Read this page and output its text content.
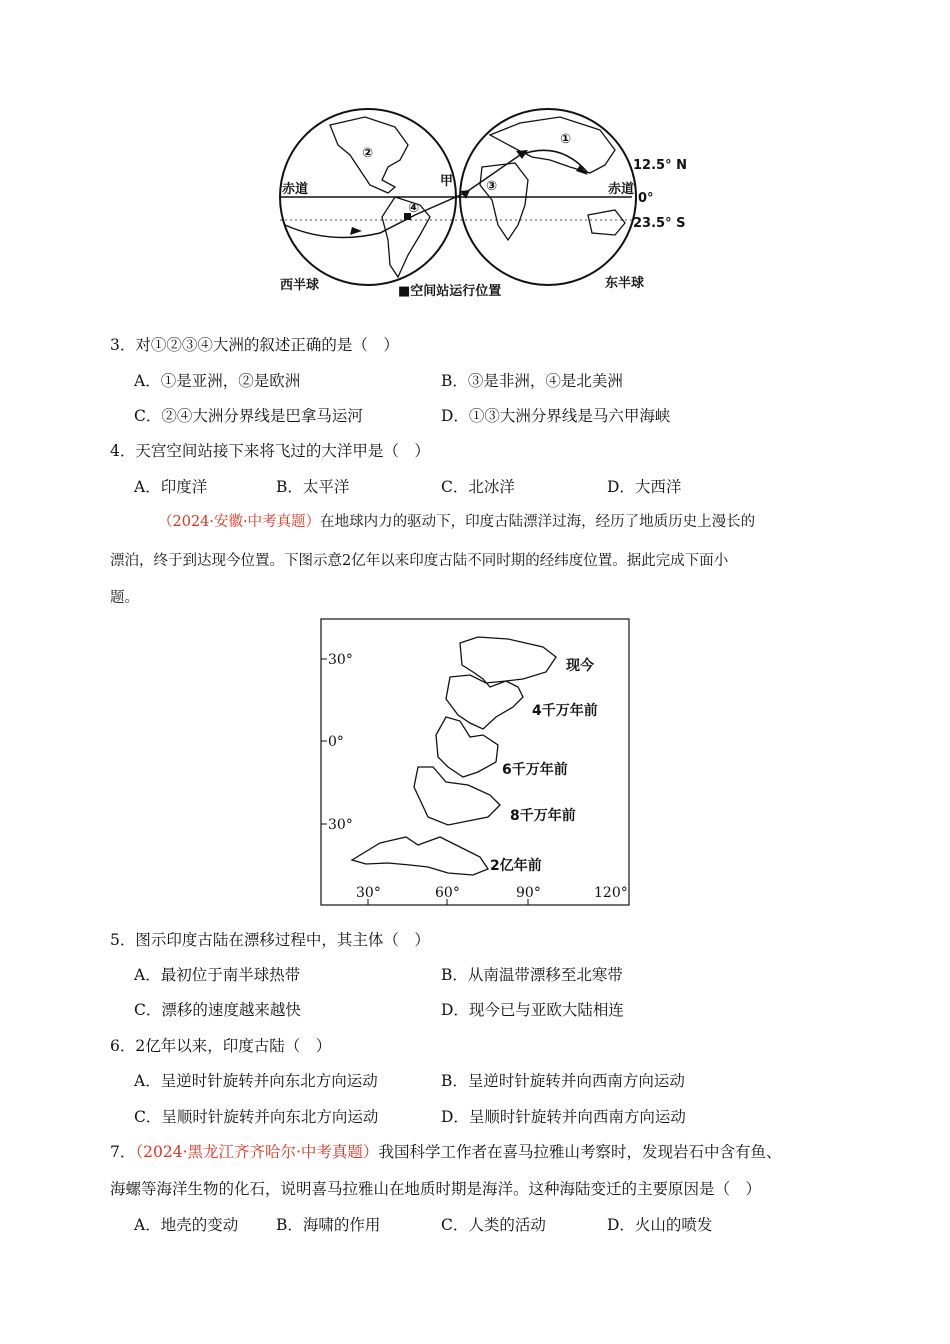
②
④
③
①
甲
赤道	赤道
12.5° N
0°
23.5° S
西半球	■空间站运行位置
东半球
3．对①②③④大洲的叙述正确的是（　）
A．①是亚洲，②是欧洲	B．③是非洲，④是北美洲
C．②④大洲分界线是巴拿马运河	D．①③大洲分界线是马六甲海峡
4．天宫空间站接下来将飞过的大洋甲是（　）
A．印度洋	B．太平洋	C．北冰洋	D．大西洋
（2024·安徽·中考真题）在地球内力的驱动下，印度古陆漂洋过海，经历了地质历史上漫长的
漂泊，终于到达现今位置。下图示意2亿年以来印度古陆不同时期的经纬度位置。据此完成下面小
题。
30°
0°
30°
30°	60°	90°	120°
现今
4千万年前
6千万年前
8千万年前
2亿年前
5．图示印度古陆在漂移过程中，其主体（　）
A．最初位于南半球热带	B．从南温带漂移至北寒带
C．漂移的速度越来越快	D．现今已与亚欧大陆相连
6．2亿年以来，印度古陆（　）
A．呈逆时针旋转并向东北方向运动	B．呈逆时针旋转并向西南方向运动
C．呈顺时针旋转并向东北方向运动	D．呈顺时针旋转并向西南方向运动
7．（2024·黑龙江齐齐哈尔·中考真题）我国科学工作者在喜马拉雅山考察时，发现岩石中含有鱼、
海螺等海洋生物的化石，说明喜马拉雅山在地质时期是海洋。这种海陆变迁的主要原因是（　）
A．地壳的变动 B．海啸的作用	C．人类的活动	D．火山的喷发
